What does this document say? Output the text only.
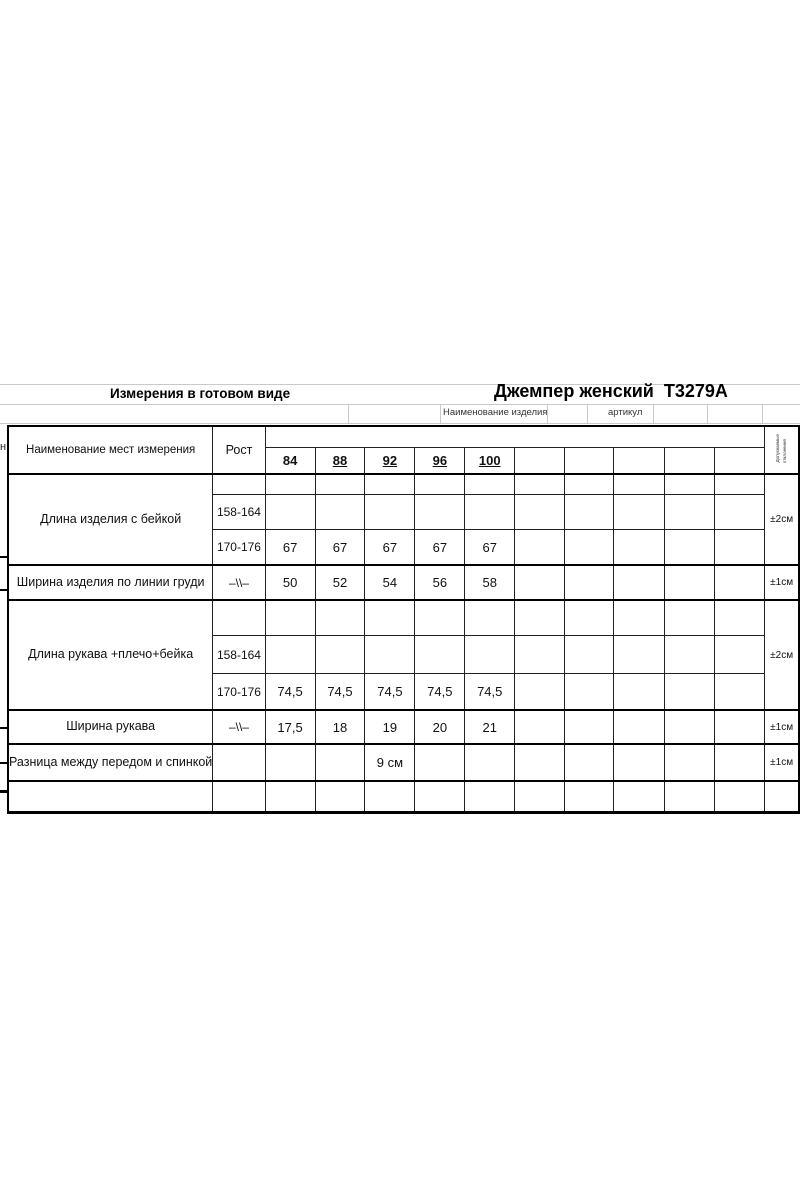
Измерения в готовом виде	Джемпер женский  Т3279А
Наименование изделия	артикул
н Наименование мест измерения	Рост											Допускаемыеотклонения
		84	88	92	96	100						
Длина изделия с бейкой												±2см
	158-164											
	170-176	67	67	67	67	67						
Ширина изделия по линии груди	–\\–	50	52	54	56	58						±1см
Длина рукава +плечо+бейка												±2см
	158-164											
	170-176	74,5	74,5	74,5	74,5	74,5						
Ширина рукава	–\\–	17,5	18	19	20	21						±1см
Разница между передом и спинкой				9 см								±1см
